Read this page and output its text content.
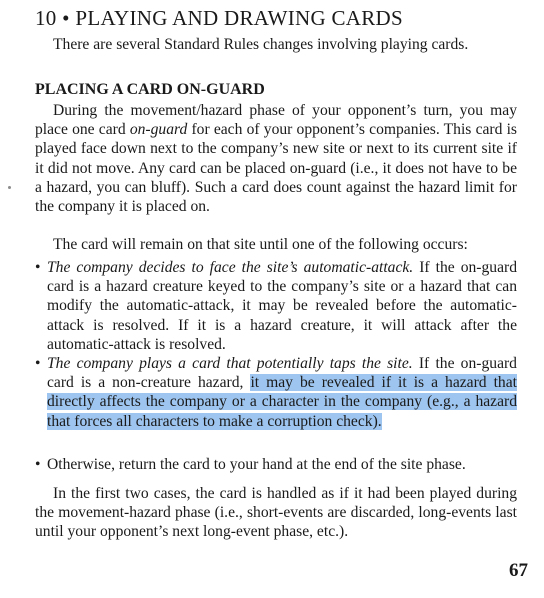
10 • PLAYING AND DRAWING CARDS
There are several Standard Rules changes involving playing cards.
PLACING A CARD ON-GUARD
During the movement/hazard phase of your opponent’s turn, you may place one card on-guard for each of your opponent’s companies. This card is played face down next to the company’s new site or next to its current site if it did not move. Any card can be placed on-guard (i.e., it does not have to be a hazard, you can bluff). Such a card does count against the hazard limit for the company it is placed on.
The card will remain on that site until one of the following occurs:
• The company decides to face the site’s automatic-attack. If the on-guard card is a hazard creature keyed to the company’s site or a hazard that can modify the automatic-attack, it may be revealed before the automatic-attack is resolved. If it is a hazard creature, it will attack after the automatic-attack is resolved.
• The company plays a card that potentially taps the site. If the on-guard card is a non-creature hazard, it may be revealed if it is a hazard that directly affects the company or a character in the company (e.g., a hazard that forces all characters to make a corruption check).
• Otherwise, return the card to your hand at the end of the site phase.
In the first two cases, the card is handled as if it had been played during the movement-hazard phase (i.e., short-events are discarded, long-events last until your opponent’s next long-event phase, etc.).
67
